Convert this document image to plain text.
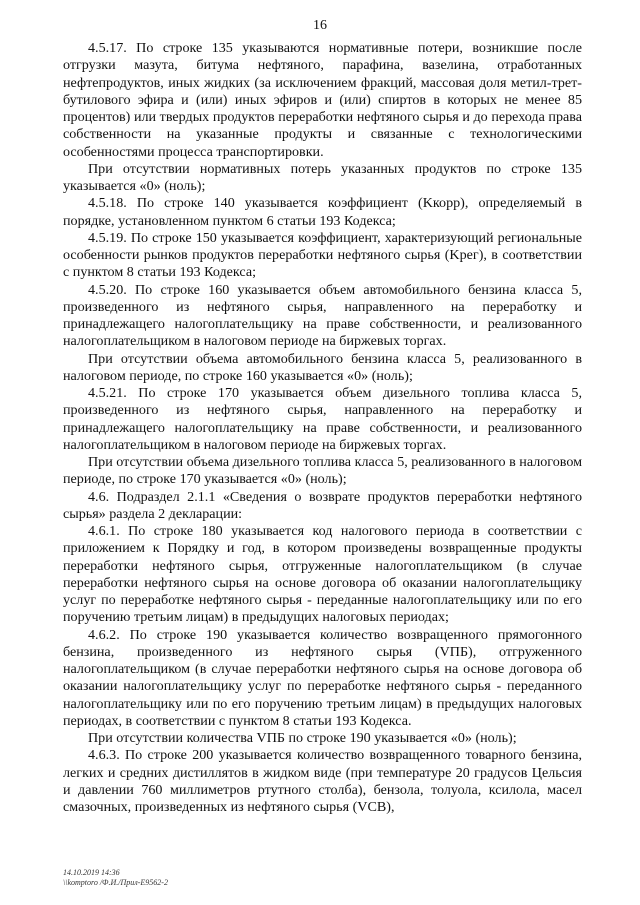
16

4.5.17. По строке 135 указываются нормативные потери, возникшие после отгрузки мазута, битума нефтяного, парафина, вазелина, отработанных нефтепродуктов, иных жидких (за исключением фракций, массовая доля метил-трет-бутилового эфира и (или) иных эфиров и (или) спиртов в которых не менее 85 процентов) или твердых продуктов переработки нефтяного сырья и до перехода права собственности на указанные продукты и связанные с технологическими особенностями процесса транспортировки.

При отсутствии нормативных потерь указанных продуктов по строке 135 указывается «0» (ноль);

4.5.18. По строке 140 указывается коэффициент (Kкорр), определяемый в порядке, установленном пунктом 6 статьи 193 Кодекса;

4.5.19. По строке 150 указывается коэффициент, характеризующий региональные особенности рынков продуктов переработки нефтяного сырья (Kрег), в соответствии с пунктом 8 статьи 193 Кодекса;

4.5.20. По строке 160 указывается объем автомобильного бензина класса 5, произведенного из нефтяного сырья, направленного на переработку и принадлежащего налогоплательщику на праве собственности, и реализованного налогоплательщиком в налоговом периоде на биржевых торгах.

При отсутствии объема автомобильного бензина класса 5, реализованного в налоговом периоде, по строке 160 указывается «0» (ноль);

4.5.21. По строке 170 указывается объем дизельного топлива класса 5, произведенного из нефтяного сырья, направленного на переработку и принадлежащего налогоплательщику на праве собственности, и реализованного налогоплательщиком в налоговом периоде на биржевых торгах.

При отсутствии объема дизельного топлива класса 5, реализованного в налоговом периоде, по строке 170 указывается «0» (ноль);

4.6. Подраздел 2.1.1 «Сведения о возврате продуктов переработки нефтяного сырья» раздела 2 декларации:

4.6.1. По строке 180 указывается код налогового периода в соответствии с приложением к Порядку и год, в котором произведены возвращенные продукты переработки нефтяного сырья, отгруженные налогоплательщиком (в случае переработки нефтяного сырья на основе договора об оказании налогоплательщику услуг по переработке нефтяного сырья - переданные налогоплательщику или по его поручению третьим лицам) в предыдущих налоговых периодах;

4.6.2. По строке 190 указывается количество возвращенного прямогонного бензина, произведенного из нефтяного сырья (VПБ), отгруженного налогоплательщиком (в случае переработки нефтяного сырья на основе договора об оказании налогоплательщику услуг по переработке нефтяного сырья - переданного налогоплательщику или по его поручению третьим лицам) в предыдущих налоговых периодах, в соответствии с пунктом 8 статьи 193 Кодекса.

При отсутствии количества VПБ по строке 190 указывается «0» (ноль);

4.6.3. По строке 200 указывается количество возвращенного товарного бензина, легких и средних дистиллятов в жидком виде (при температуре 20 градусов Цельсия и давлении 760 миллиметров ртутного столба), бензола, толуола, ксилола, масел смазочных, произведенных из нефтяного сырья (VСВ),

14.10.2019 14:36
\\komptoro /Ф.И./Прил-Е9562-2
